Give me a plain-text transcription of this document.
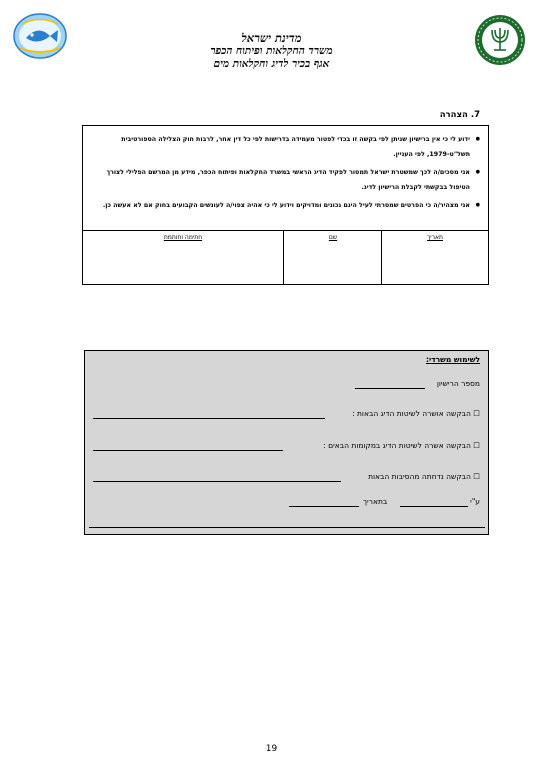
מדינת ישראל
משרד החקלאות ופיתוח הכפר
אגף בכיר לדיג וחקלאות מים
7. הצהרה
● ידוע לי כי אין ברישיון שניתן לפי בקשה זו בכדי לפטור מעמידה בדרישות לפי כל דין אחר, לרבות חוק הצלילה הספורטיבית תשל"ט-1979, לפי העניין.
● אני מסכים/ה לכך שמשטרת ישראל תמסור לפקיד הדיג הראשי במשרד החקלאות ופיתוח הכפר, מידע מן המרשם הפלילי לצורך הטיפול בבקשתי לקבלת הרישיון לדיג.
● אני מצהיר/ה כי הפרטים שמסרתי לעיל הינם נכונים ומדויקים וידוע לי כי אהיה צפוי/ה לעונשים הקבועים בחוק אם לא אעשה כן.
תאריך
שם
חתימה וחותמת
לשימוש משרדי:
מספר הרישיון
☐ הבקשה אושרה לשיטות הדיג הבאות :
☐ הבקשה אשרה לשיטות הדיג במקומות הבאים :
☐ הבקשה נדחתה מהסיבות הבאות
ע"י
בתאריך
19
